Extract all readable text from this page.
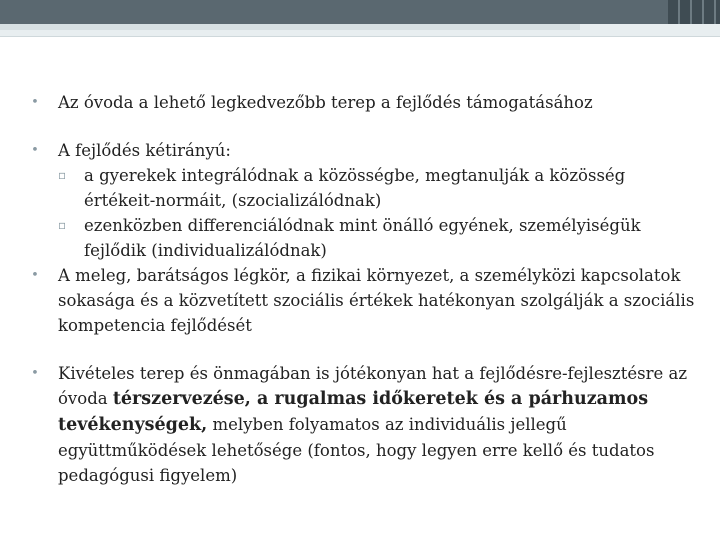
• Az óvoda a lehető legkedvezőbb terep a fejlődés támogatásához
• A fejlődés kétirányú:
▫	a gyerekek integrálódnak a közösségbe, megtanulják a közösség értékeit-normáit, (szocializálódnak)
▫	ezenközben differenciálódnak mint önálló egyének, személyiségük fejlődik (individualizálódnak)
• A meleg, barátságos légkör, a fizikai környezet, a személyközi kapcsolatok sokasága és a közvetített szociális értékek hatékonyan szolgálják a szociális kompetencia fejlődését
• Kivételes terep és önmagában is jótékonyan hat a fejlődésre-fejlesztésre az óvoda térszervezése, a rugalmas időkeretek és a párhuzamos tevékenységek, melyben folyamatos az individuális jellegű együttműködések lehetősége (fontos, hogy legyen erre kellő és tudatos pedagógusi figyelem)
